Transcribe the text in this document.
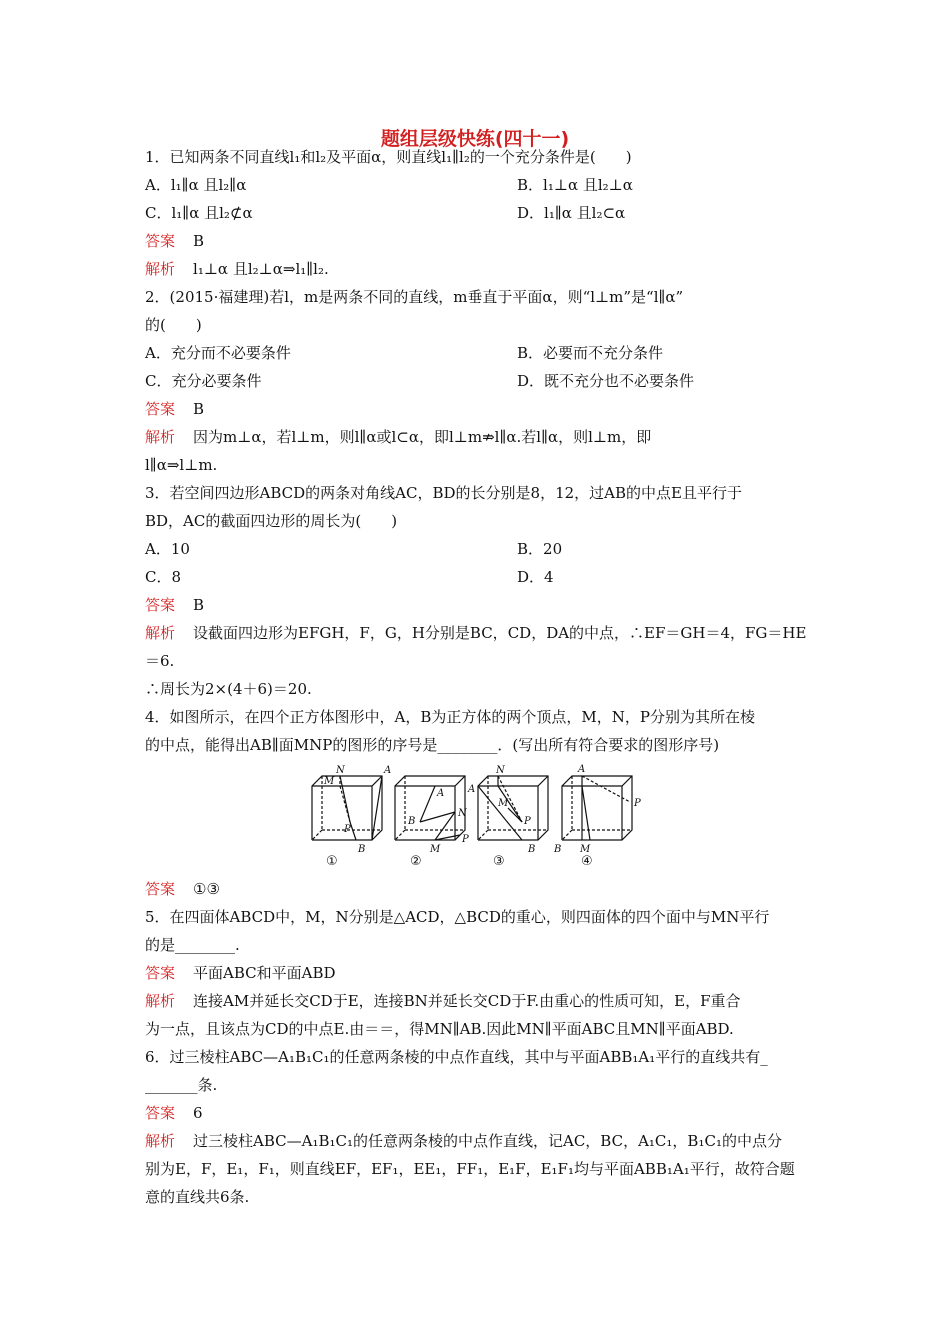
题组层级快练(四十一)
1．已知两条不同直线l₁和l₂及平面α，则直线l₁∥l₂的一个充分条件是(　　)
A．l₁∥α 且l₂∥α	B．l₁⊥α 且l₂⊥α
C．l₁∥α 且l₂⊄α	D．l₁∥α 且l₂⊂α
答案 B
解析 l₁⊥α 且l₂⊥α⇒l₁∥l₂.
2．(2015·福建理)若l，m是两条不同的直线，m垂直于平面α，则“l⊥m”是“l∥α”
的(　　)
A．充分而不必要条件	B．必要而不充分条件
C．充分必要条件	D．既不充分也不必要条件
答案 B
解析 因为m⊥α，若l⊥m，则l∥α或l⊂α，即l⊥m⇏l∥α.若l∥α，则l⊥m，即
l∥α⇒l⊥m.
3．若空间四边形ABCD的两条对角线AC，BD的长分别是8，12，过AB的中点E且平行于
BD，AC的截面四边形的周长为(　　)
A．10	B．20
C．8	D．4
答案 B
解析 设截面四边形为EFGH，F，G，H分别是BC，CD，DA的中点，∴EF＝GH＝4，FG＝HE
＝6.
∴周长为2×(4＋6)＝20.
4．如图所示，在四个正方体图形中，A，B为正方体的两个顶点，M，N，P分别为其所在棱
的中点，能得出AB∥面MNP的图形的序号是________．(写出所有符合要求的图形序号)
N
M
A
P
B
①
A
B
N
M
P
②
N
A
M
P
B
③
A
P
B M
④
答案 ①③
5．在四面体ABCD中，M，N分别是△ACD，△BCD的重心，则四面体的四个面中与MN平行
的是________.
答案 平面ABC和平面ABD
解析 连接AM并延长交CD于E，连接BN并延长交CD于F.由重心的性质可知，E，F重合
为一点，且该点为CD的中点E.由＝＝，得MN∥AB.因此MN∥平面ABC且MN∥平面ABD.
6．过三棱柱ABC—A₁B₁C₁的任意两条棱的中点作直线，其中与平面ABB₁A₁平行的直线共有_
_______条.
答案 6
解析 过三棱柱ABC—A₁B₁C₁的任意两条棱的中点作直线，记AC，BC，A₁C₁，B₁C₁的中点分
别为E，F，E₁，F₁，则直线EF，EF₁，EE₁，FF₁，E₁F，E₁F₁均与平面ABB₁A₁平行，故符合题
意的直线共6条.
